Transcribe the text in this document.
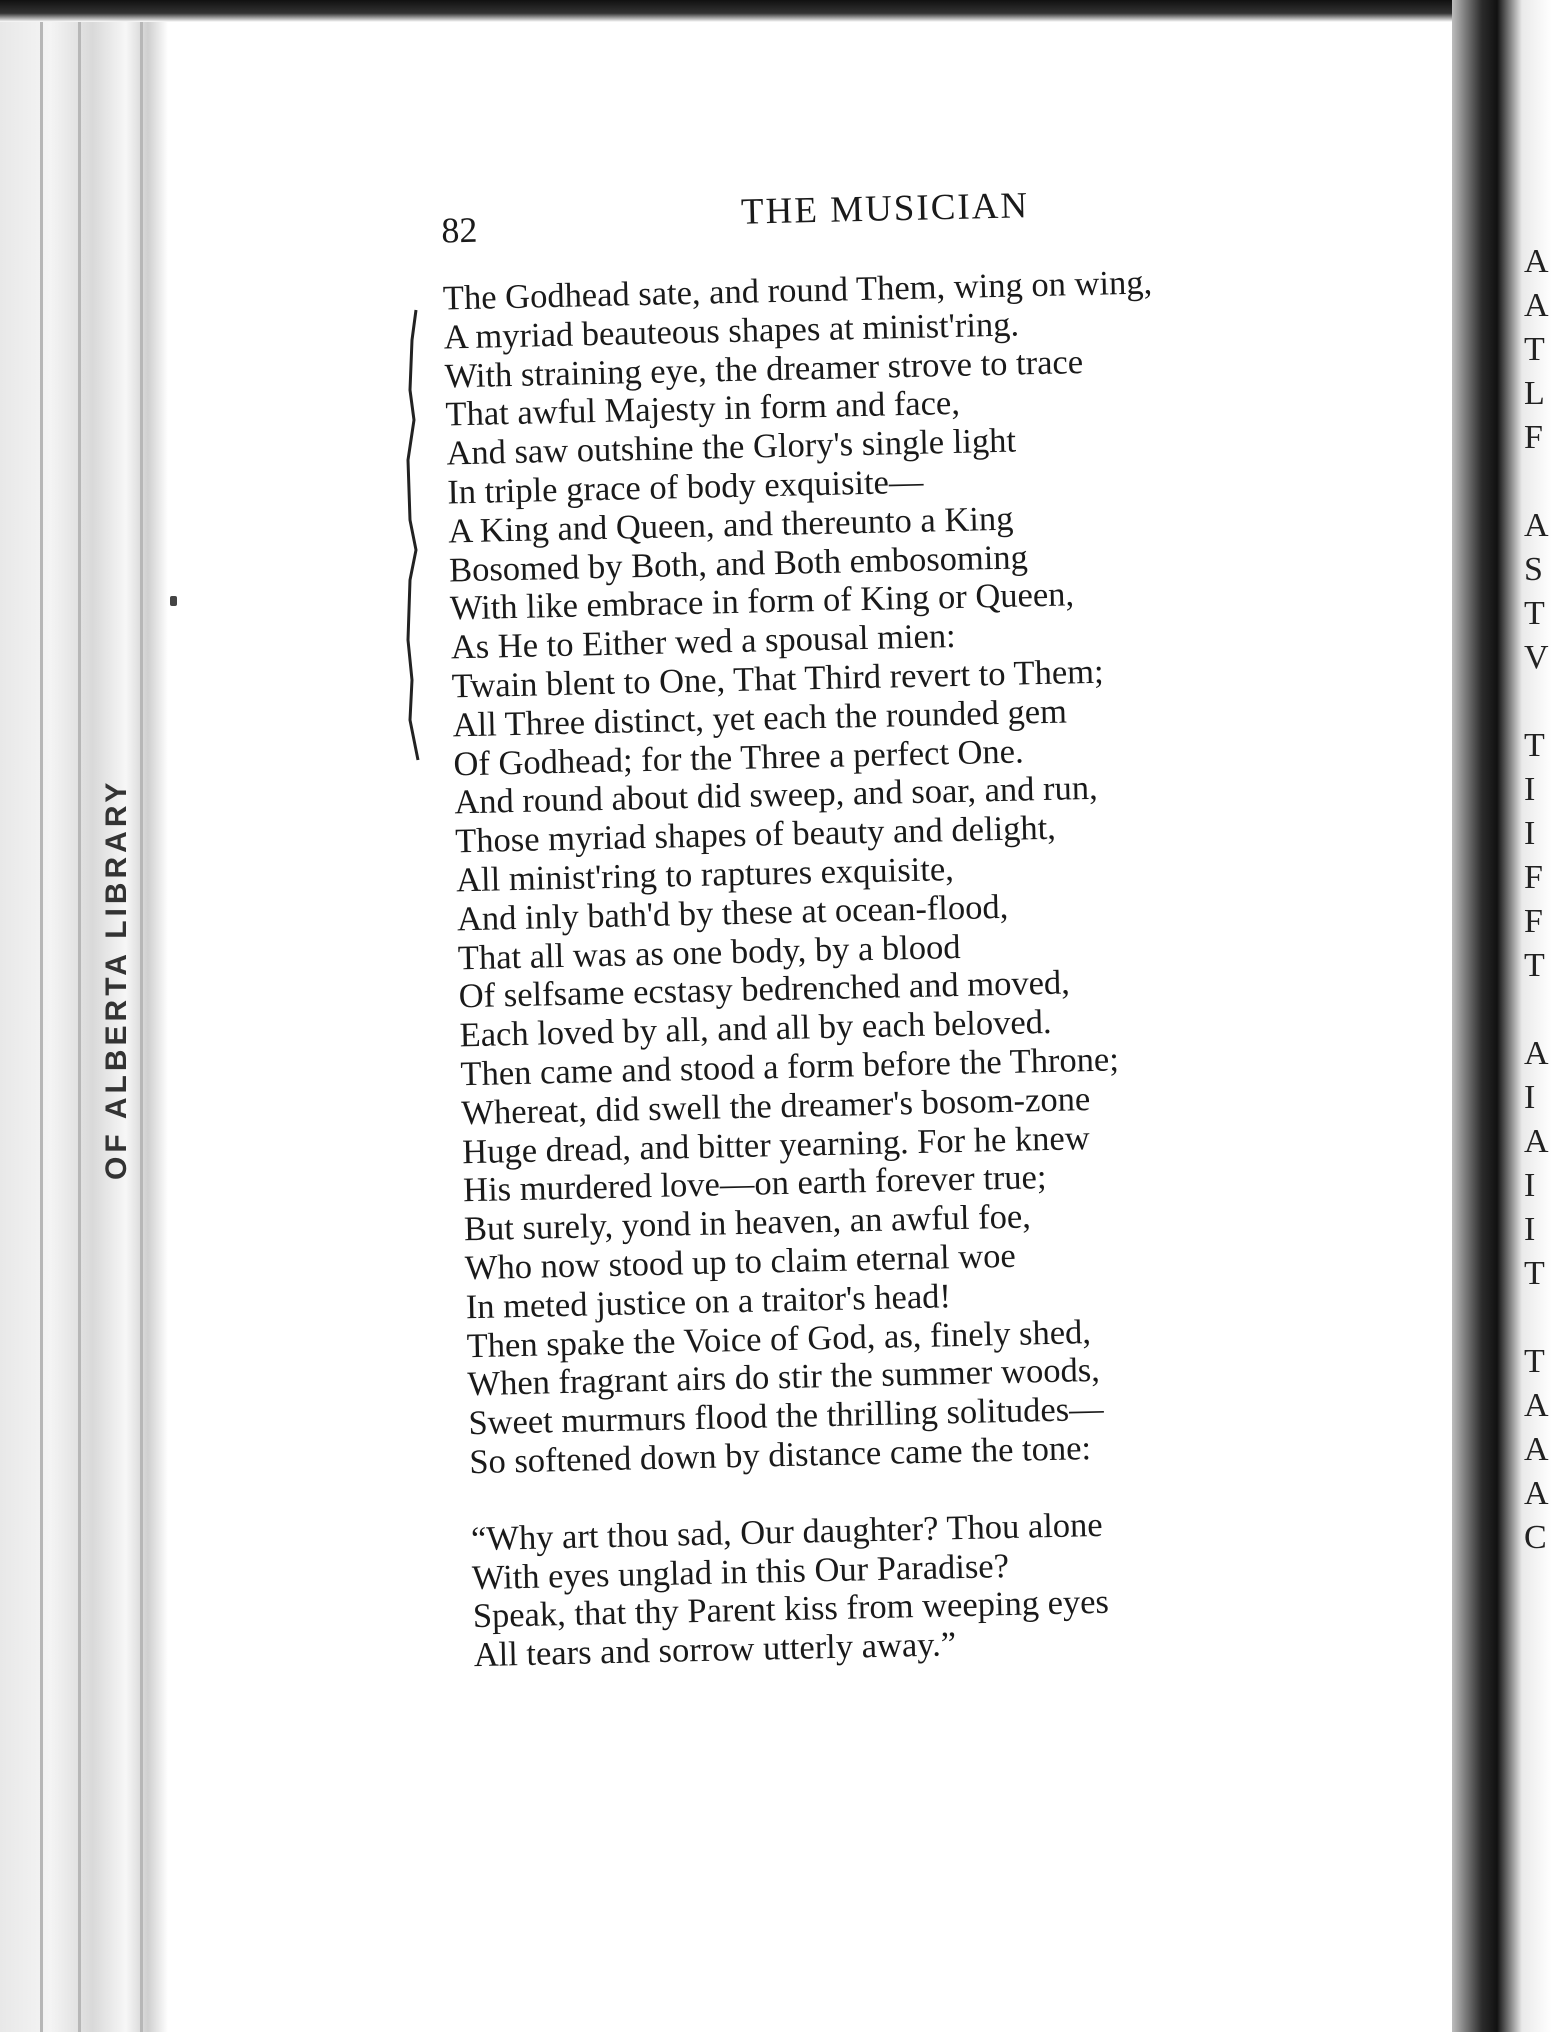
OF ALBERTA LIBRARY
A
A
T
L
F

A
S
T
V

T
I
I
F
F
T

A
I
A
I
I
T

T
A
A
A
C
82	THE MUSICIAN
The Godhead sate, and round Them, wing on wing,
A myriad beauteous shapes at minist'ring.
With straining eye, the dreamer strove to trace
That awful Majesty in form and face,
And saw outshine the Glory's single light
In triple grace of body exquisite—
A King and Queen, and thereunto a King
Bosomed by Both, and Both embosoming
With like embrace in form of King or Queen,
As He to Either wed a spousal mien:
Twain blent to One, That Third revert to Them;
All Three distinct, yet each the rounded gem
Of Godhead; for the Three a perfect One.
And round about did sweep, and soar, and run,
Those myriad shapes of beauty and delight,
All minist'ring to raptures exquisite,
And inly bath'd by these at ocean-flood,
That all was as one body, by a blood
Of selfsame ecstasy bedrenched and moved,
Each loved by all, and all by each beloved.
Then came and stood a form before the Throne;
Whereat, did swell the dreamer's bosom-zone
Huge dread, and bitter yearning. For he knew
His murdered love—on earth forever true;
But surely, yond in heaven, an awful foe,
Who now stood up to claim eternal woe
In meted justice on a traitor's head!
Then spake the Voice of God, as, finely shed,
When fragrant airs do stir the summer woods,
Sweet murmurs flood the thrilling solitudes—
So softened down by distance came the tone:
“Why art thou sad, Our daughter? Thou alone
With eyes unglad in this Our Paradise?
Speak, that thy Parent kiss from weeping eyes
All tears and sorrow utterly away.”
